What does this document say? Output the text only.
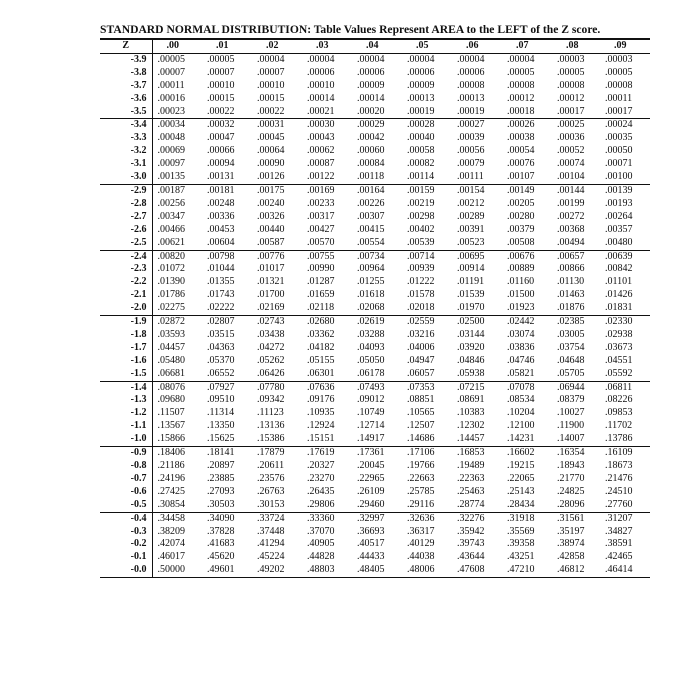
STANDARD NORMAL DISTRIBUTION: Table Values Represent AREA to the LEFT of the Z score.
Z	.00	.01	.02	.03	.04	.05	.06	.07	.08	.09
-3.9	.00005	.00005	.00004	.00004	.00004	.00004	.00004	.00004	.00003	.00003
-3.8	.00007	.00007	.00007	.00006	.00006	.00006	.00006	.00005	.00005	.00005
-3.7	.00011	.00010	.00010	.00010	.00009	.00009	.00008	.00008	.00008	.00008
-3.6	.00016	.00015	.00015	.00014	.00014	.00013	.00013	.00012	.00012	.00011
-3.5	.00023	.00022	.00022	.00021	.00020	.00019	.00019	.00018	.00017	.00017
-3.4	.00034	.00032	.00031	.00030	.00029	.00028	.00027	.00026	.00025	.00024
-3.3	.00048	.00047	.00045	.00043	.00042	.00040	.00039	.00038	.00036	.00035
-3.2	.00069	.00066	.00064	.00062	.00060	.00058	.00056	.00054	.00052	.00050
-3.1	.00097	.00094	.00090	.00087	.00084	.00082	.00079	.00076	.00074	.00071
-3.0	.00135	.00131	.00126	.00122	.00118	.00114	.00111	.00107	.00104	.00100
-2.9	.00187	.00181	.00175	.00169	.00164	.00159	.00154	.00149	.00144	.00139
-2.8	.00256	.00248	.00240	.00233	.00226	.00219	.00212	.00205	.00199	.00193
-2.7	.00347	.00336	.00326	.00317	.00307	.00298	.00289	.00280	.00272	.00264
-2.6	.00466	.00453	.00440	.00427	.00415	.00402	.00391	.00379	.00368	.00357
-2.5	.00621	.00604	.00587	.00570	.00554	.00539	.00523	.00508	.00494	.00480
-2.4	.00820	.00798	.00776	.00755	.00734	.00714	.00695	.00676	.00657	.00639
-2.3	.01072	.01044	.01017	.00990	.00964	.00939	.00914	.00889	.00866	.00842
-2.2	.01390	.01355	.01321	.01287	.01255	.01222	.01191	.01160	.01130	.01101
-2.1	.01786	.01743	.01700	.01659	.01618	.01578	.01539	.01500	.01463	.01426
-2.0	.02275	.02222	.02169	.02118	.02068	.02018	.01970	.01923	.01876	.01831
-1.9	.02872	.02807	.02743	.02680	.02619	.02559	.02500	.02442	.02385	.02330
-1.8	.03593	.03515	.03438	.03362	.03288	.03216	.03144	.03074	.03005	.02938
-1.7	.04457	.04363	.04272	.04182	.04093	.04006	.03920	.03836	.03754	.03673
-1.6	.05480	.05370	.05262	.05155	.05050	.04947	.04846	.04746	.04648	.04551
-1.5	.06681	.06552	.06426	.06301	.06178	.06057	.05938	.05821	.05705	.05592
-1.4	.08076	.07927	.07780	.07636	.07493	.07353	.07215	.07078	.06944	.06811
-1.3	.09680	.09510	.09342	.09176	.09012	.08851	.08691	.08534	.08379	.08226
-1.2	.11507	.11314	.11123	.10935	.10749	.10565	.10383	.10204	.10027	.09853
-1.1	.13567	.13350	.13136	.12924	.12714	.12507	.12302	.12100	.11900	.11702
-1.0	.15866	.15625	.15386	.15151	.14917	.14686	.14457	.14231	.14007	.13786
-0.9	.18406	.18141	.17879	.17619	.17361	.17106	.16853	.16602	.16354	.16109
-0.8	.21186	.20897	.20611	.20327	.20045	.19766	.19489	.19215	.18943	.18673
-0.7	.24196	.23885	.23576	.23270	.22965	.22663	.22363	.22065	.21770	.21476
-0.6	.27425	.27093	.26763	.26435	.26109	.25785	.25463	.25143	.24825	.24510
-0.5	.30854	.30503	.30153	.29806	.29460	.29116	.28774	.28434	.28096	.27760
-0.4	.34458	.34090	.33724	.33360	.32997	.32636	.32276	.31918	.31561	.31207
-0.3	.38209	.37828	.37448	.37070	.36693	.36317	.35942	.35569	.35197	.34827
-0.2	.42074	.41683	.41294	.40905	.40517	.40129	.39743	.39358	.38974	.38591
-0.1	.46017	.45620	.45224	.44828	.44433	.44038	.43644	.43251	.42858	.42465
-0.0	.50000	.49601	.49202	.48803	.48405	.48006	.47608	.47210	.46812	.46414
